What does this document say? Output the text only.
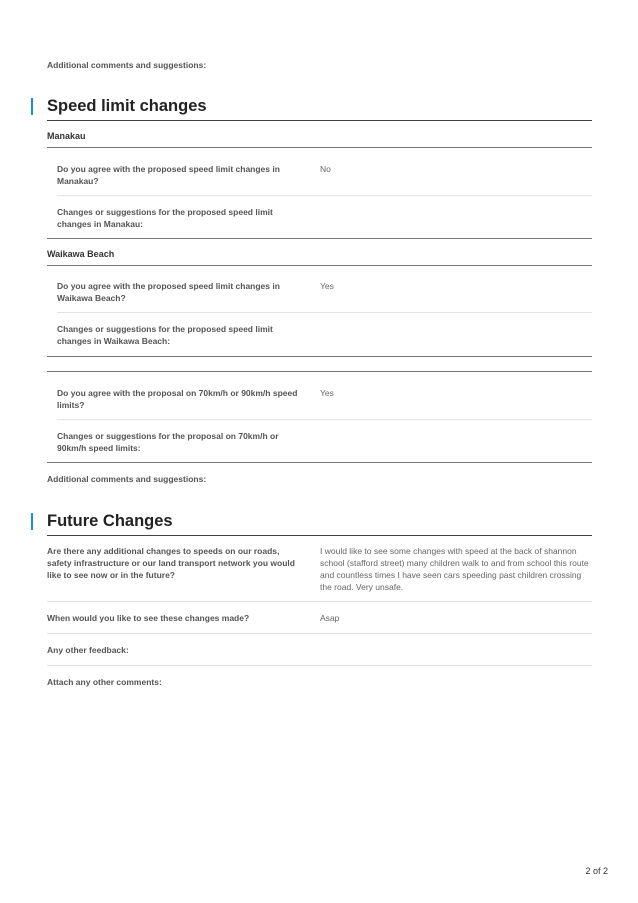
Additional comments and suggestions:
Speed limit changes
Manakau
Do you agree with the proposed speed limit changes in Manakau?
No
Changes or suggestions for the proposed speed limit changes in Manakau:
Waikawa Beach
Do you agree with the proposed speed limit changes in Waikawa Beach?
Yes
Changes or suggestions for the proposed speed limit changes in Waikawa Beach:
Do you agree with the proposal on 70km/h or 90km/h speed limits?
Yes
Changes or suggestions for the proposal on 70km/h or 90km/h speed limits:
Additional comments and suggestions:
Future Changes
Are there any additional changes to speeds on our roads, safety infrastructure or our land transport network you would like to see now or in the future?
I would like to see some changes with speed at the back of shannon school (stafford street) many children walk to and from school this route and countless times I have seen cars speeding past children crossing the road. Very unsafe.
When would you like to see these changes made?	Asap
Any other feedback:
Attach any other comments:
2 of 2
